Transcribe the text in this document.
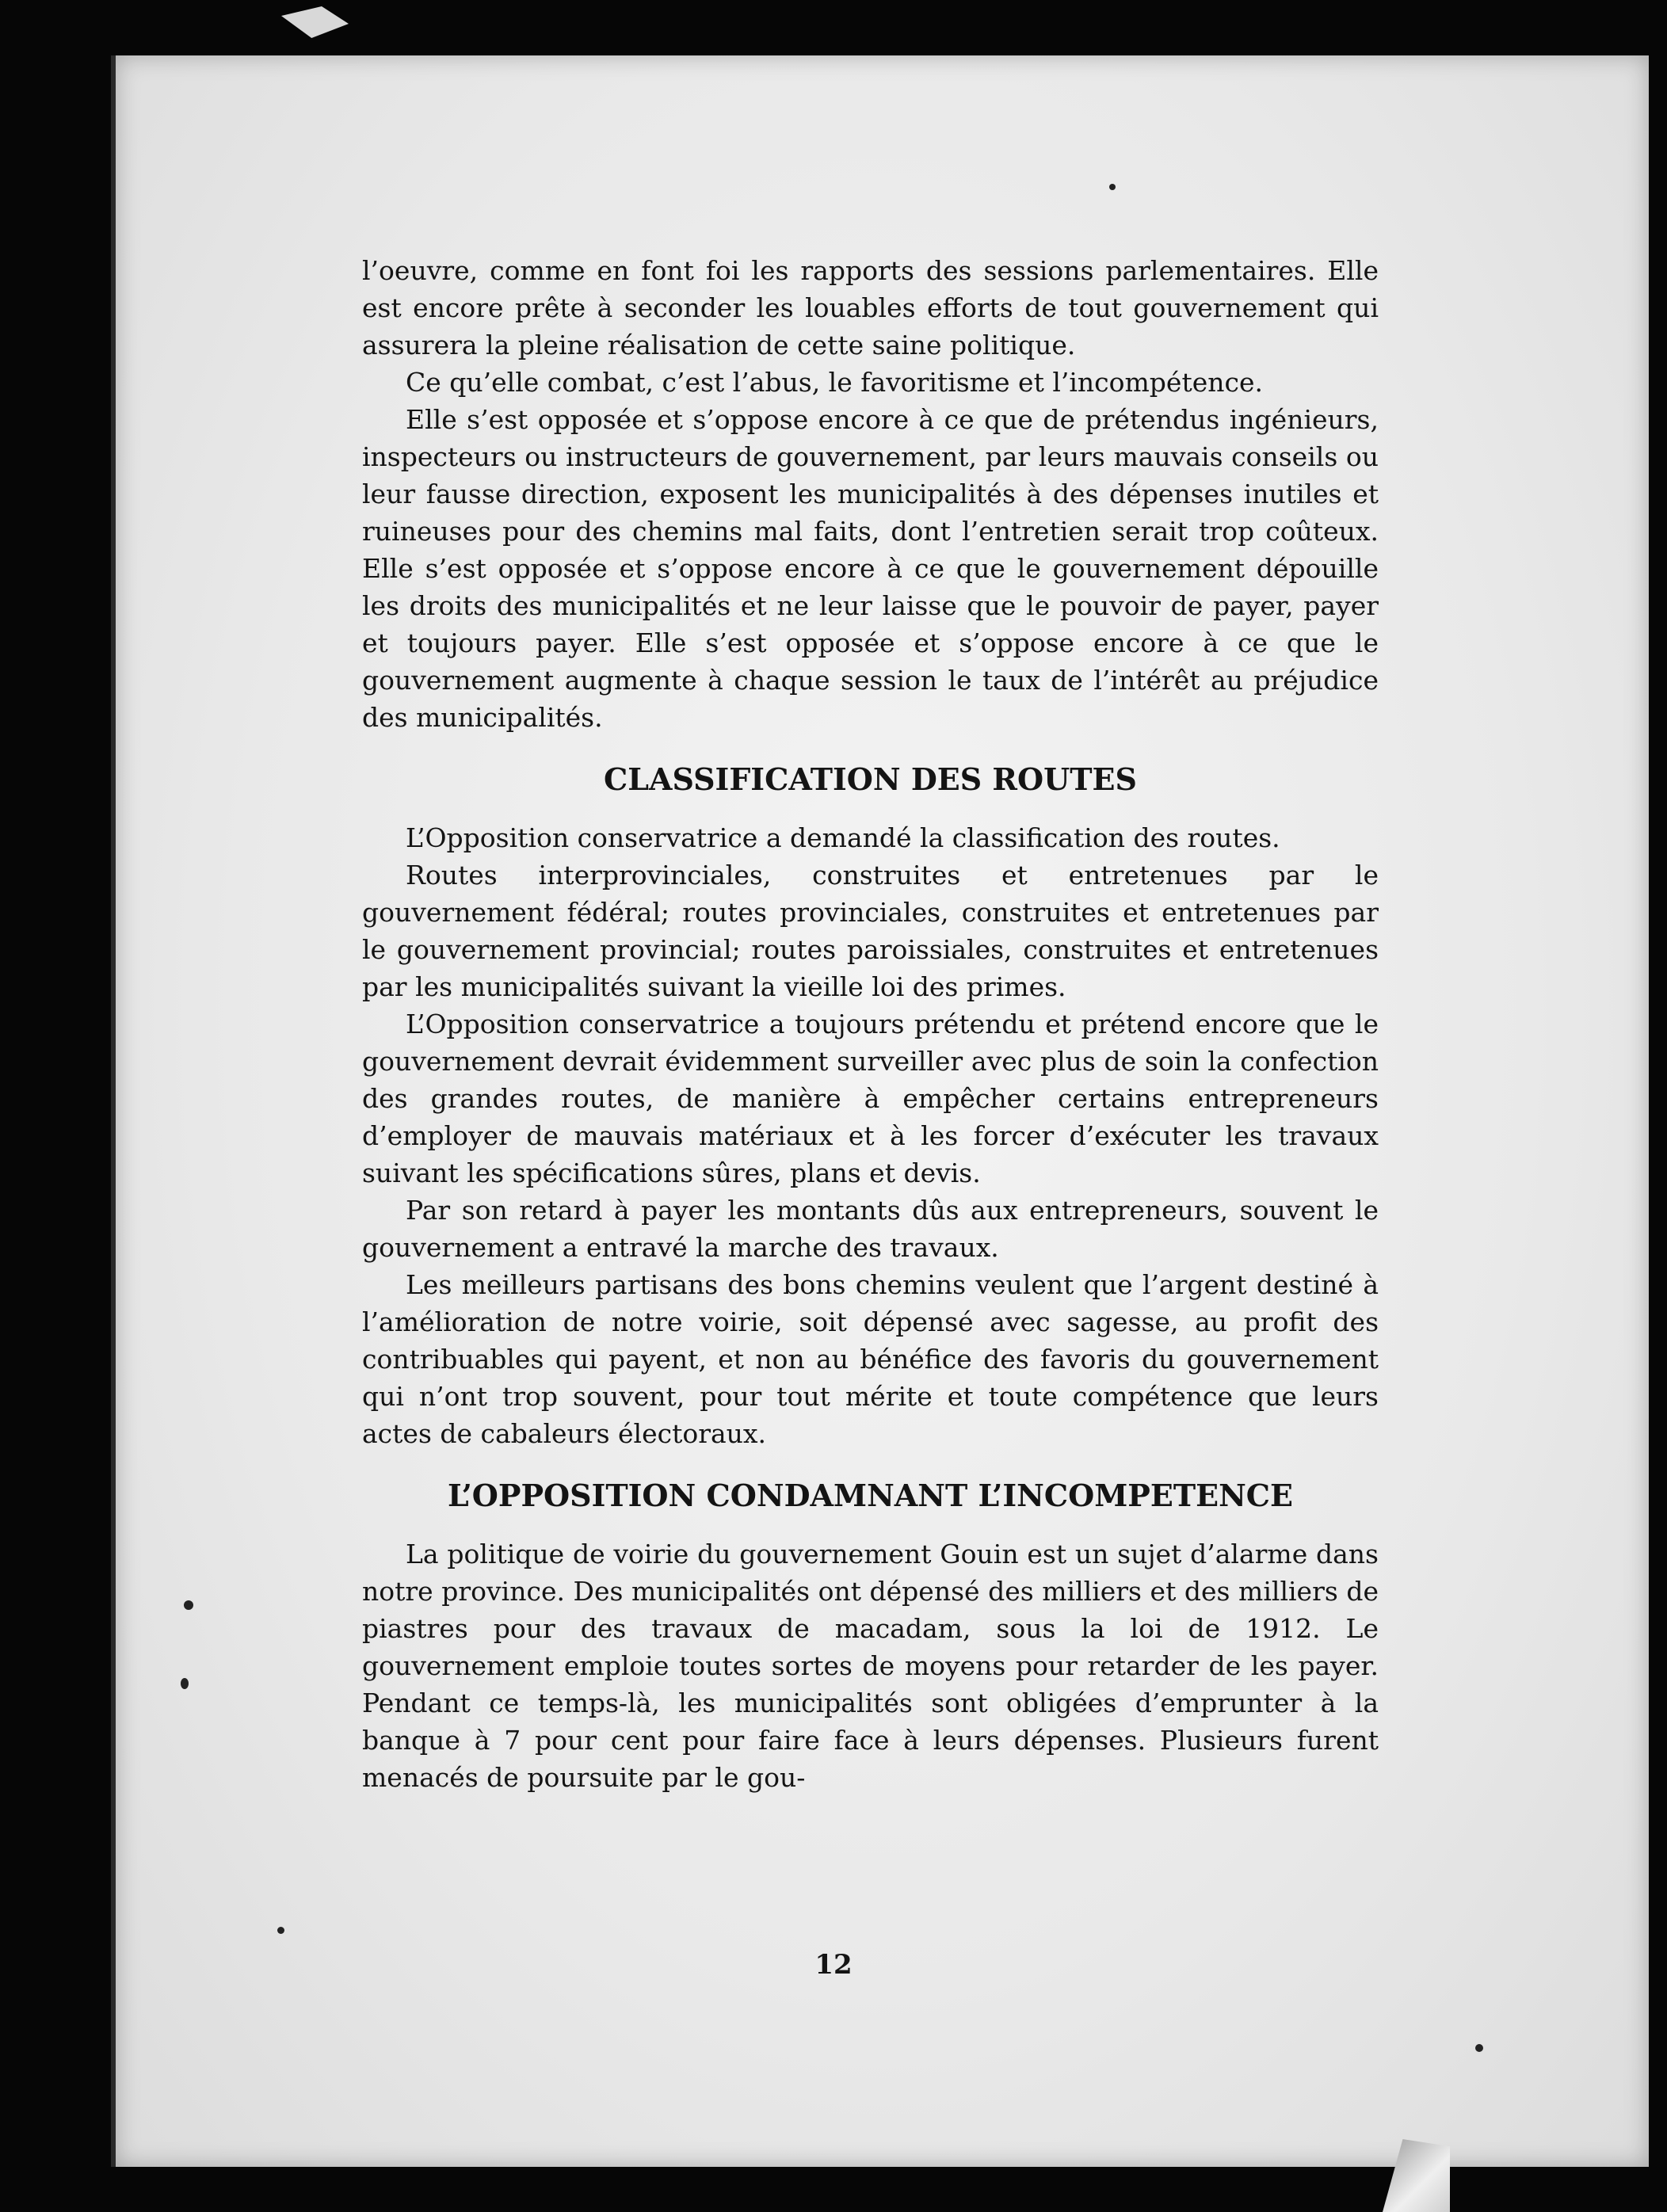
l’oeuvre, comme en font foi les rapports des sessions parlementaires. Elle est encore prête à seconder les louables efforts de tout gouvernement qui assurera la pleine réalisation de cette saine politique.

Ce qu’elle combat, c’est l’abus, le favoritisme et l’incompétence.

Elle s’est opposée et s’oppose encore à ce que de prétendus ingénieurs, inspecteurs ou instructeurs de gouvernement, par leurs mauvais conseils ou leur fausse direction, exposent les municipalités à des dépenses inutiles et ruineuses pour des chemins mal faits, dont l’entretien serait trop coûteux. Elle s’est opposée et s’oppose encore à ce que le gouvernement dépouille les droits des municipalités et ne leur laisse que le pouvoir de payer, payer et toujours payer. Elle s’est opposée et s’oppose encore à ce que le gouvernement augmente à chaque session le taux de l’intérêt au préjudice des municipalités.

CLASSIFICATION DES ROUTES

L’Opposition conservatrice a demandé la classification des routes.

Routes interprovinciales, construites et entretenues par le gouvernement fédéral; routes provinciales, construites et entretenues par le gouvernement provincial; routes paroissiales, construites et entretenues par les municipalités suivant la vieille loi des primes.

L’Opposition conservatrice a toujours prétendu et prétend encore que le gouvernement devrait évidemment surveiller avec plus de soin la confection des grandes routes, de manière à empêcher certains entrepreneurs d’employer de mauvais matériaux et à les forcer d’exécuter les travaux suivant les spécifications sûres, plans et devis.

Par son retard à payer les montants dûs aux entrepreneurs, souvent le gouvernement a entravé la marche des travaux.

Les meilleurs partisans des bons chemins veulent que l’argent destiné à l’amélioration de notre voirie, soit dépensé avec sagesse, au profit des contribuables qui payent, et non au bénéfice des favoris du gouvernement qui n’ont trop souvent, pour tout mérite et toute compétence que leurs actes de cabaleurs électoraux.

L’OPPOSITION CONDAMNANT L’INCOMPETENCE

La politique de voirie du gouvernement Gouin est un sujet d’alarme dans notre province. Des municipalités ont dépensé des milliers et des milliers de piastres pour des travaux de macadam, sous la loi de 1912. Le gouvernement emploie toutes sortes de moyens pour retarder de les payer. Pendant ce temps-là, les municipalités sont obligées d’emprunter à la banque à 7 pour cent pour faire face à leurs dépenses. Plusieurs furent menacés de poursuite par le gou-

12
